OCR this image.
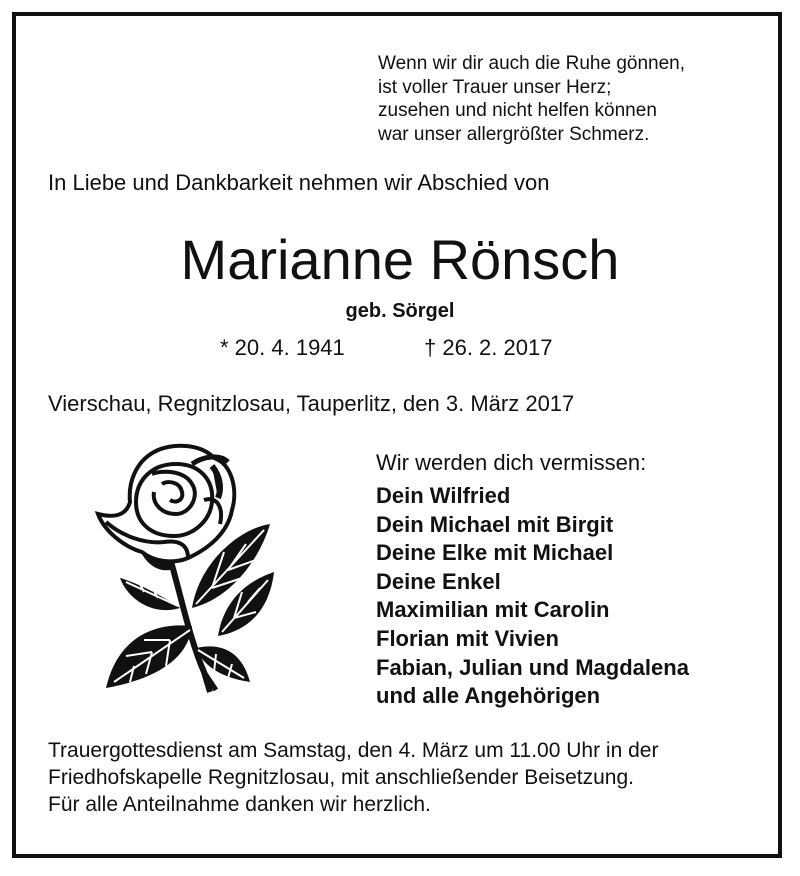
Wenn wir dir auch die Ruhe gönnen,
ist voller Trauer unser Herz;
zusehen und nicht helfen können
war unser allergrößter Schmerz.
In Liebe und Dankbarkeit nehmen wir Abschied von
Marianne Rönsch
geb. Sörgel
* 20. 4. 1941	† 26. 2. 2017
Vierschau, Regnitzlosau, Tauperlitz, den 3. März 2017
Wir werden dich vermissen:
Dein Wilfried
Dein Michael mit Birgit
Deine Elke mit Michael
Deine Enkel
Maximilian mit Carolin
Florian mit Vivien
Fabian, Julian und Magdalena
und alle Angehörigen
Trauergottesdienst am Samstag, den 4. März um 11.00 Uhr in der
Friedhofskapelle Regnitzlosau, mit anschließender Beisetzung.
Für alle Anteilnahme danken wir herzlich.
